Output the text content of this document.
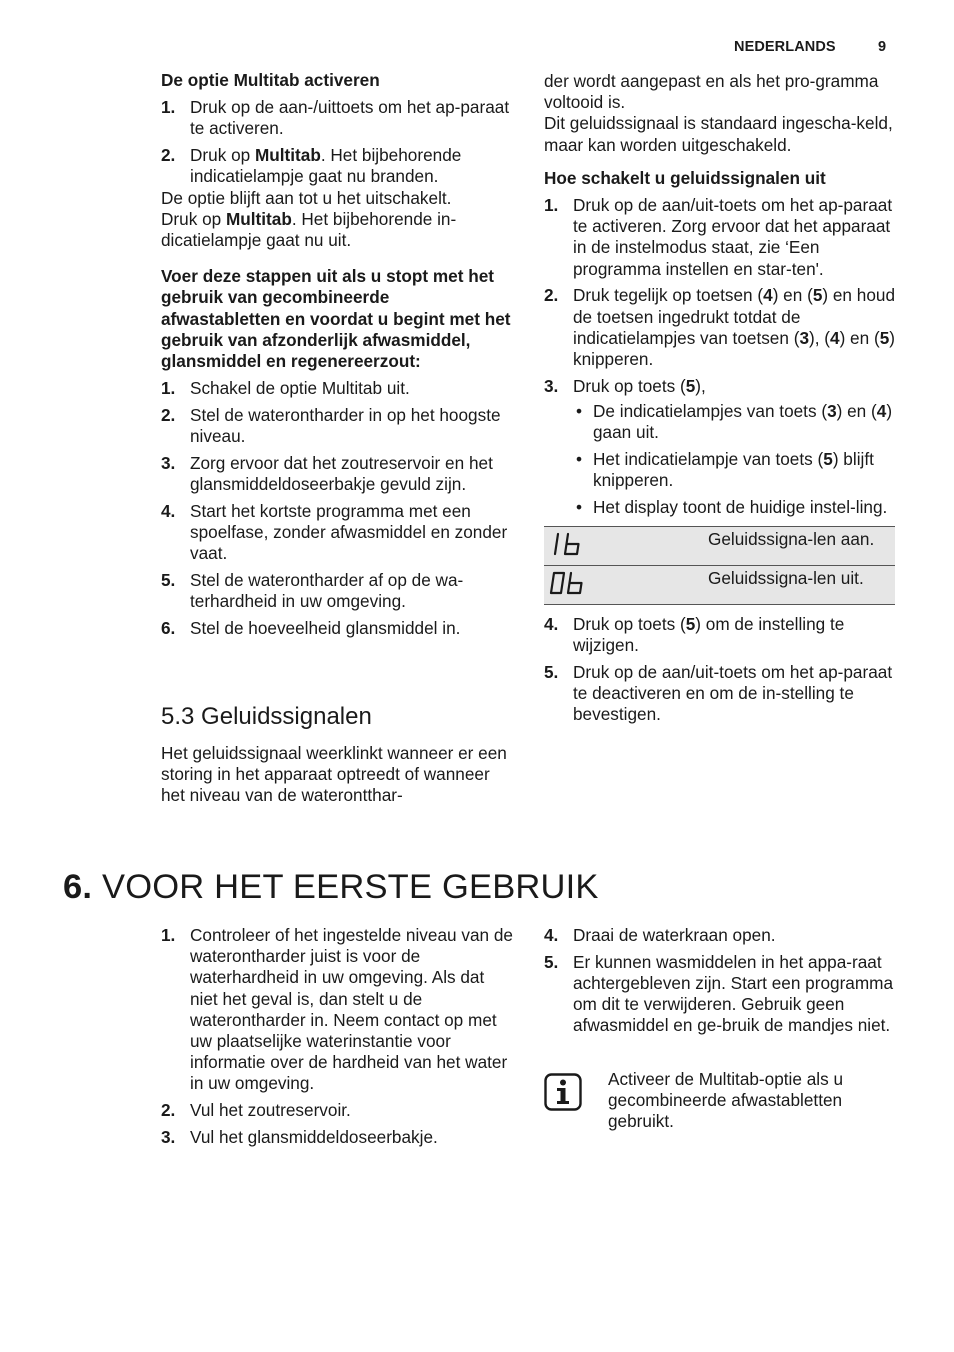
NEDERLANDS	9

De optie Multitab activeren

1. Druk op de aan-/uittoets om het ap-paraat te activeren.
2. Druk op Multitab. Het bijbehorende indicatielampje gaat nu branden.

De optie blijft aan tot u het uitschakelt.

Druk op Multitab. Het bijbehorende in-dicatielampje gaat nu uit.

Voer deze stappen uit als u stopt met het gebruik van gecombineerde afwastabletten en voordat u begint met het gebruik van afzonderlijk afwasmiddel, glansmiddel en regenereerzout:

1. Schakel de optie Multitab uit.
2. Stel de waterontharder in op het hoogste niveau.
3. Zorg ervoor dat het zoutreservoir en het glansmiddeldoseerbakje gevuld zijn.
4. Start het kortste programma met een spoelfase, zonder afwasmiddel en zonder vaat.
5. Stel de waterontharder af op de wa-terhardheid in uw omgeving.
6. Stel de hoeveelheid glansmiddel in.
5.3 Geluidssignalen

Het geluidssignaal weerklinkt wanneer er een storing in het apparaat optreedt of wanneer het niveau van de waterontthar-

der wordt aangepast en als het pro-gramma voltooid is.

Dit geluidssignaal is standaard ingescha-keld, maar kan worden uitgeschakeld.

Hoe schakelt u geluidssignalen uit

1. Druk op de aan/uit-toets om het ap-paraat te activeren. Zorg ervoor dat het apparaat in de instelmodus staat, zie ‘Een programma instellen en star-ten'.
2. Druk tegelijk op toetsen (4) en (5) en houd de toetsen ingedrukt totdat de indicatielampjes van toetsen (3), (4) en (5) knipperen.
3. Druk op toets (5),
• De indicatielampjes van toets (3) en (4) gaan uit.
• Het indicatielampje van toets (5) blijft knipperen.
• Het display toont de huidige instel-ling.
	Geluidssigna-len aan.

	Geluidssigna-len uit.
4. Druk op toets (5) om de instelling te wijzigen.
5. Druk op de aan/uit-toets om het ap-paraat te deactiveren en om de in-stelling te bevestigen.
6. VOOR HET EERSTE GEBRUIK
1. Controleer of het ingestelde niveau van de waterontharder juist is voor de waterhardheid in uw omgeving. Als dat niet het geval is, dan stelt u de waterontharder in. Neem contact op met uw plaatselijke waterinstantie voor informatie over de hardheid van het water in uw omgeving.
2. Vul het zoutreservoir.
3. Vul het glansmiddeldoseerbakje.
4. Draai de waterkraan open.
5. Er kunnen wasmiddelen in het appa-raat achtergebleven zijn. Start een programma om dit te verwijderen. Gebruik geen afwasmiddel en ge-bruik de mandjes niet.
Activeer de Multitab-optie als u gecombineerde afwastabletten gebruikt.
